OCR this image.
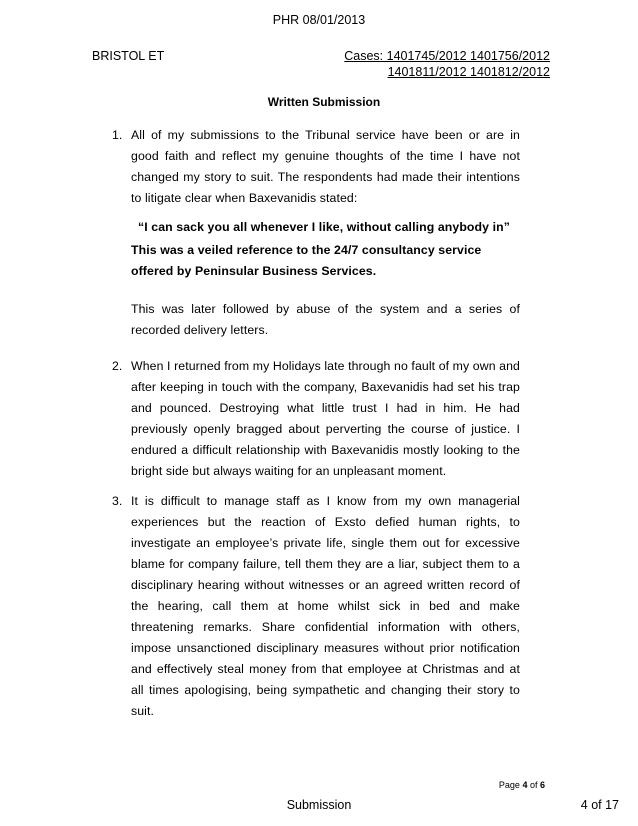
PHR 08/01/2013
BRISTOL ET	Cases: 1401745/2012 1401756/2012
1401811/2012 1401812/2012
Written Submission
1. All of my submissions to the Tribunal service have been or are in good faith and reflect my genuine thoughts of the time I have not changed my story to suit. The respondents had made their intentions to litigate clear when Baxevanidis stated:
“I can sack you all whenever I like, without calling anybody in”
This was a veiled reference to the 24/7 consultancy service offered by Peninsular Business Services.
This was later followed by abuse of the system and a series of recorded delivery letters.
2. When I returned from my Holidays late through no fault of my own and after keeping in touch with the company, Baxevanidis had set his trap and pounced. Destroying what little trust I had in him. He had previously openly bragged about perverting the course of justice. I endured a difficult relationship with Baxevanidis mostly looking to the bright side but always waiting for an unpleasant moment.
3. It is difficult to manage staff as I know from my own managerial experiences but the reaction of Exsto defied human rights, to investigate an employee’s private life, single them out for excessive blame for company failure, tell them they are a liar, subject them to a disciplinary hearing without witnesses or an agreed written record of the hearing, call them at home whilst sick in bed and make threatening remarks. Share confidential information with others, impose unsanctioned disciplinary measures without prior notification and effectively steal money from that employee at Christmas and at all times apologising, being sympathetic and changing their story to suit.
Page 4 of 6
Submission	4 of 17
